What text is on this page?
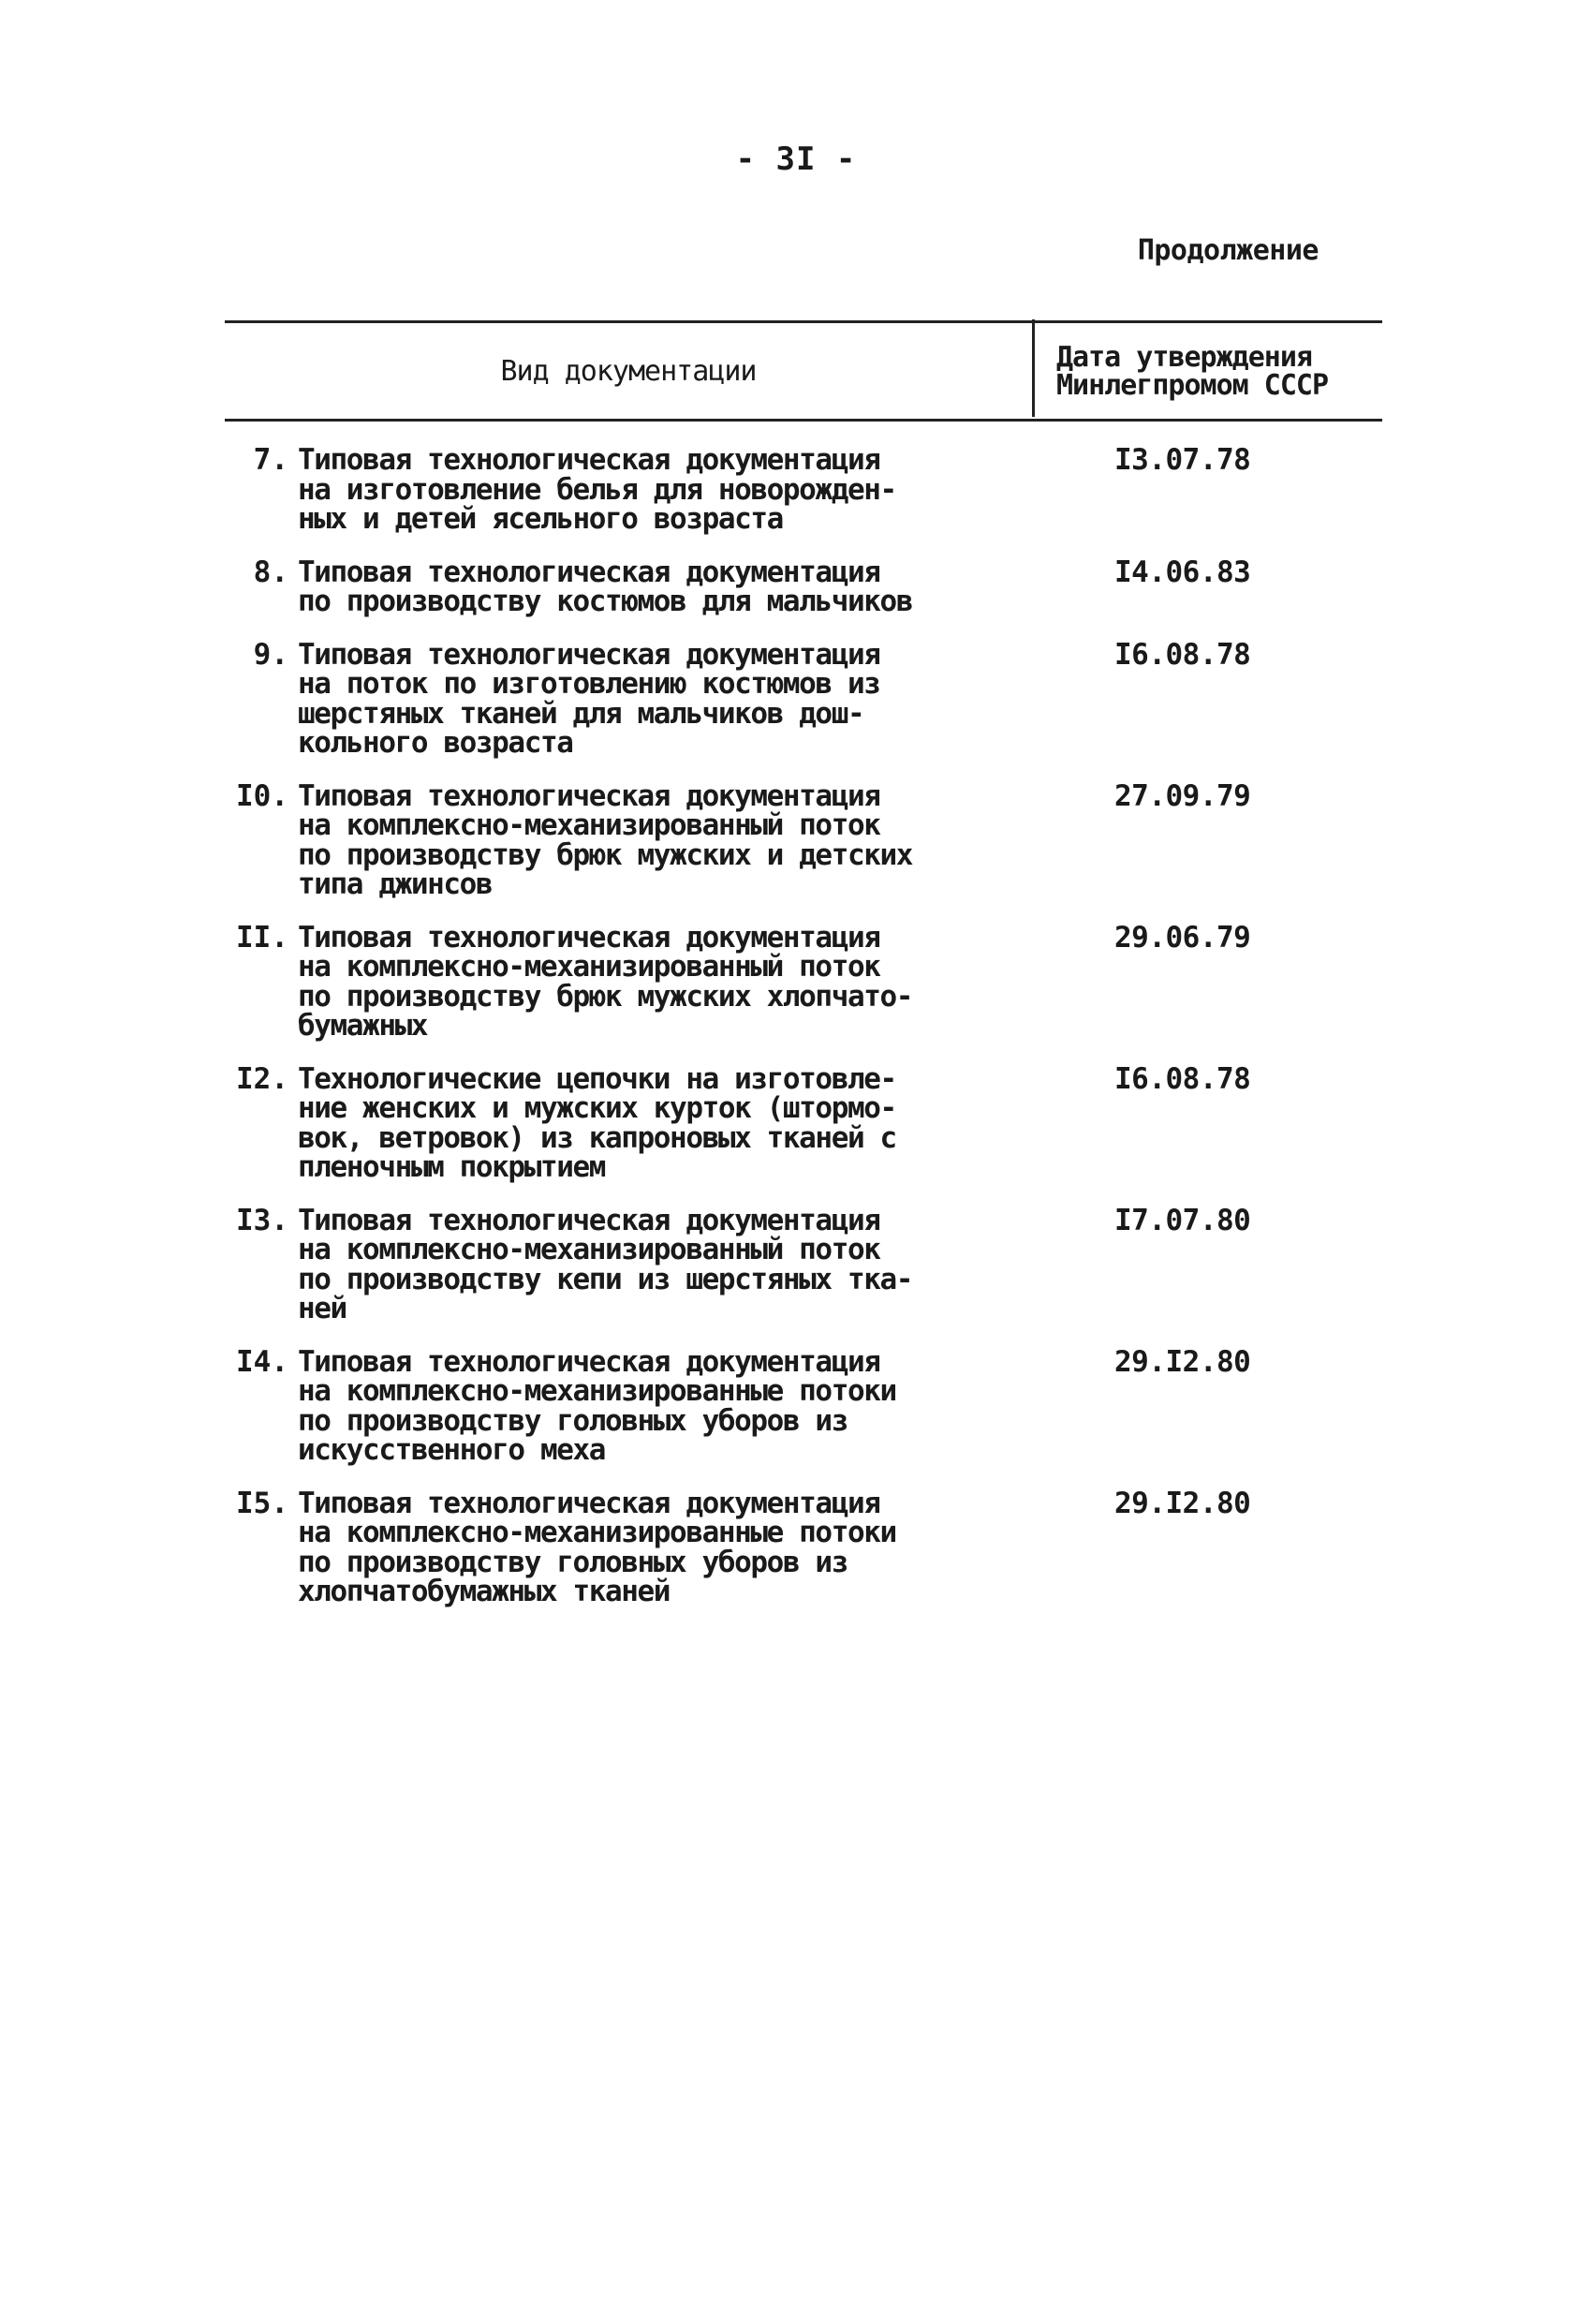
- 3I -
Продолжение
Вид документации	Дата утверждения
Минлегпромом СССР
7. Типовая технологическая документация
на изготовление белья для новорожден-
ных и детей ясельного возраста
I3.07.78
8. Типовая технологическая документация
по производству костюмов для мальчиков
I4.06.83
9. Типовая технологическая документация
на поток по изготовлению костюмов из
шерстяных тканей для мальчиков дош-
кольного возраста
I6.08.78
I0. Типовая технологическая документация
на комплексно-механизированный поток
по производству брюк мужских и детских
типа джинсов
27.09.79
II. Типовая технологическая документация
на комплексно-механизированный поток
по производству брюк мужских хлопчато-
бумажных
29.06.79
I2. Технологические цепочки на изготовле-
ние женских и мужских курток (штормо-
вок, ветровок) из капроновых тканей с
пленочным покрытием
I6.08.78
I3. Типовая технологическая документация
на комплексно-механизированный поток
по производству кепи из шерстяных тка-
ней
I7.07.80
I4. Типовая технологическая документация
на комплексно-механизированные потоки
по производству головных уборов из
искусственного меха
29.I2.80
I5. Типовая технологическая документация
на комплексно-механизированные потоки
по производству головных уборов из
хлопчатобумажных тканей
29.I2.80
